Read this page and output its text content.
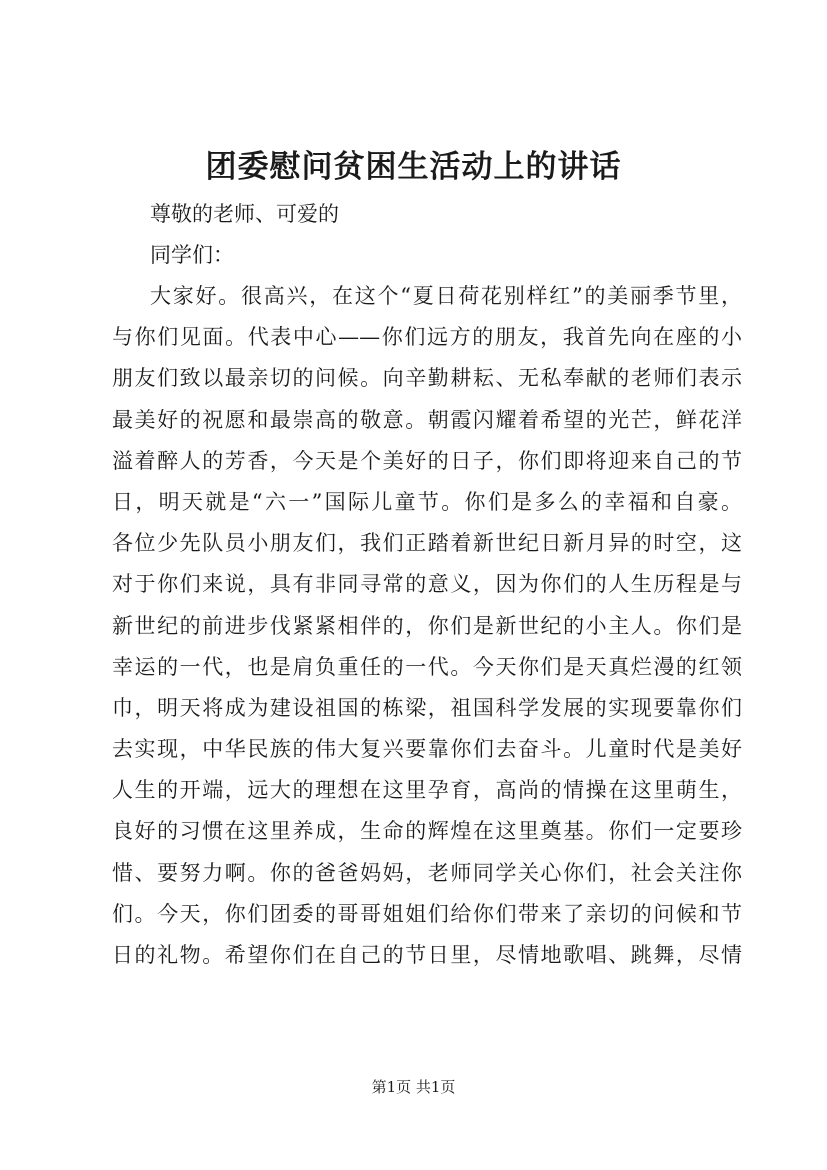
团委慰问贫困生活动上的讲话

尊敬的老师、可爱的

同学们：

大家好。很高兴，在这个“夏日荷花别样红”的美丽季节里，
与你们见面。代表中心——你们远方的朋友，我首先向在座的小
朋友们致以最亲切的问候。向辛勤耕耘、无私奉献的老师们表示
最美好的祝愿和最崇高的敬意。朝霞闪耀着希望的光芒，鲜花洋
溢着醉人的芳香，今天是个美好的日子，你们即将迎来自己的节
日，明天就是“六一”国际儿童节。你们是多么的幸福和自豪。
各位少先队员小朋友们，我们正踏着新世纪日新月异的时空，这
对于你们来说，具有非同寻常的意义，因为你们的人生历程是与
新世纪的前进步伐紧紧相伴的，你们是新世纪的小主人。你们是
幸运的一代，也是肩负重任的一代。今天你们是天真烂漫的红领
巾，明天将成为建设祖国的栋梁，祖国科学发展的实现要靠你们
去实现，中华民族的伟大复兴要靠你们去奋斗。儿童时代是美好
人生的开端，远大的理想在这里孕育，高尚的情操在这里萌生，
良好的习惯在这里养成，生命的辉煌在这里奠基。你们一定要珍
惜、要努力啊。你的爸爸妈妈，老师同学关心你们，社会关注你
们。今天，你们团委的哥哥姐姐们给你们带来了亲切的问候和节
日的礼物。希望你们在自己的节日里，尽情地歌唱、跳舞，尽情
第1页 共1页
